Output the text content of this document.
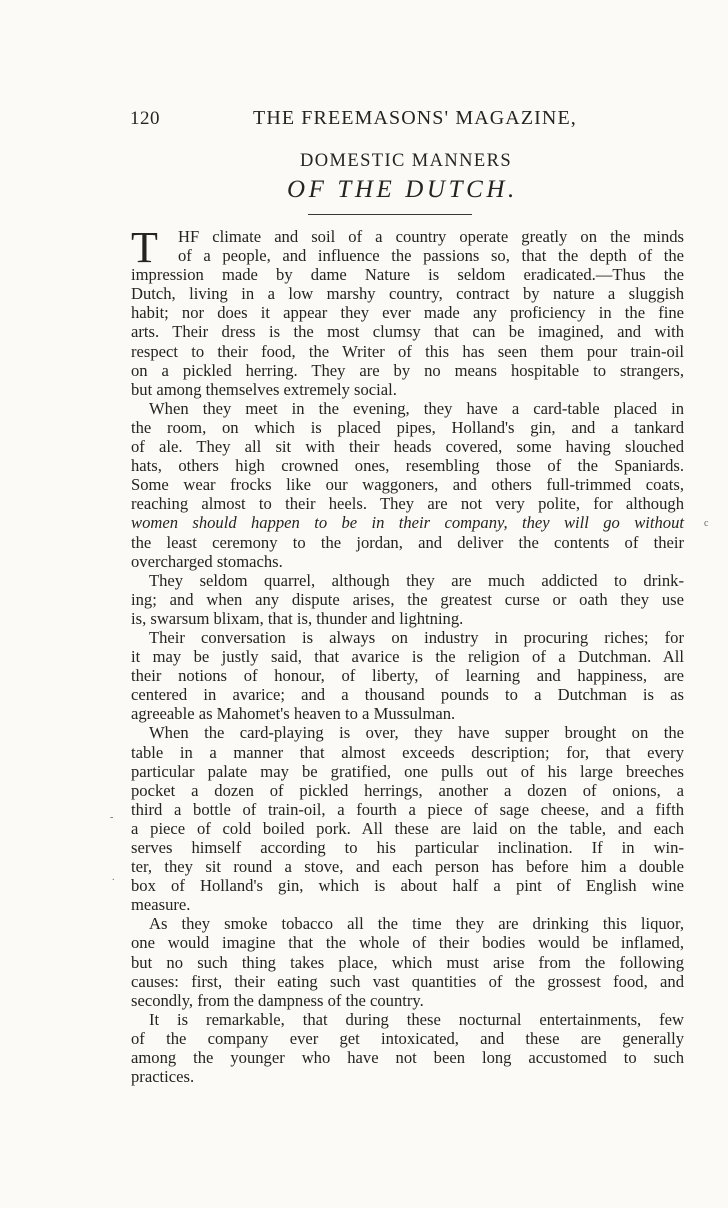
120	THE FREEMASONS' MAGAZINE,
DOMESTIC MANNERS
OF THE DUTCH.
T	HF climate and soil of a country operate greatly on the minds
of a people, and influence the passions so, that the depth of the
impression made by dame Nature is seldom eradicated.—Thus the
Dutch, living in a low marshy country, contract by nature a sluggish
habit; nor does it appear they ever made any proficiency in the fine
arts. Their dress is the most clumsy that can be imagined, and with
respect to their food, the Writer of this has seen them pour train-oil
on a pickled herring. They are by no means hospitable to strangers,
but among themselves extremely social.
When they meet in the evening, they have a card-table placed in
the room, on which is placed pipes, Holland's gin, and a tankard
of ale. They all sit with their heads covered, some having slouched
hats, others high crowned ones, resembling those of the Spaniards.
Some wear frocks like our waggoners, and others full-trimmed coats,
reaching almost to their heels. They are not very polite, for although
women should happen to be in their company, they will go without
the least ceremony to the jordan, and deliver the contents of their
overcharged stomachs.
They seldom quarrel, although they are much addicted to drink-
ing; and when any dispute arises, the greatest curse or oath they use
is, swarsum blixam, that is, thunder and lightning.
Their conversation is always on industry in procuring riches; for
it may be justly said, that avarice is the religion of a Dutchman. All
their notions of honour, of liberty, of learning and happiness, are
centered in avarice; and a thousand pounds to a Dutchman is as
agreeable as Mahomet's heaven to a Mussulman.
When the card-playing is over, they have supper brought on the
table in a manner that almost exceeds description; for, that every
particular palate may be gratified, one pulls out of his large breeches
pocket a dozen of pickled herrings, another a dozen of onions, a
third a bottle of train-oil, a fourth a piece of sage cheese, and a fifth
a piece of cold boiled pork. All these are laid on the table, and each
serves himself according to his particular inclination. If in win-
ter, they sit round a stove, and each person has before him a double
box of Holland's gin, which is about half a pint of English wine
measure.
As they smoke tobacco all the time they are drinking this liquor,
one would imagine that the whole of their bodies would be inflamed,
but no such thing takes place, which must arise from the following
causes: first, their eating such vast quantities of the grossest food, and
secondly, from the dampness of the country.
It is remarkable, that during these nocturnal entertainments, few
of the company ever get intoxicated, and these are generally
among the younger who have not been long accustomed to such
practices.
c
-
.
